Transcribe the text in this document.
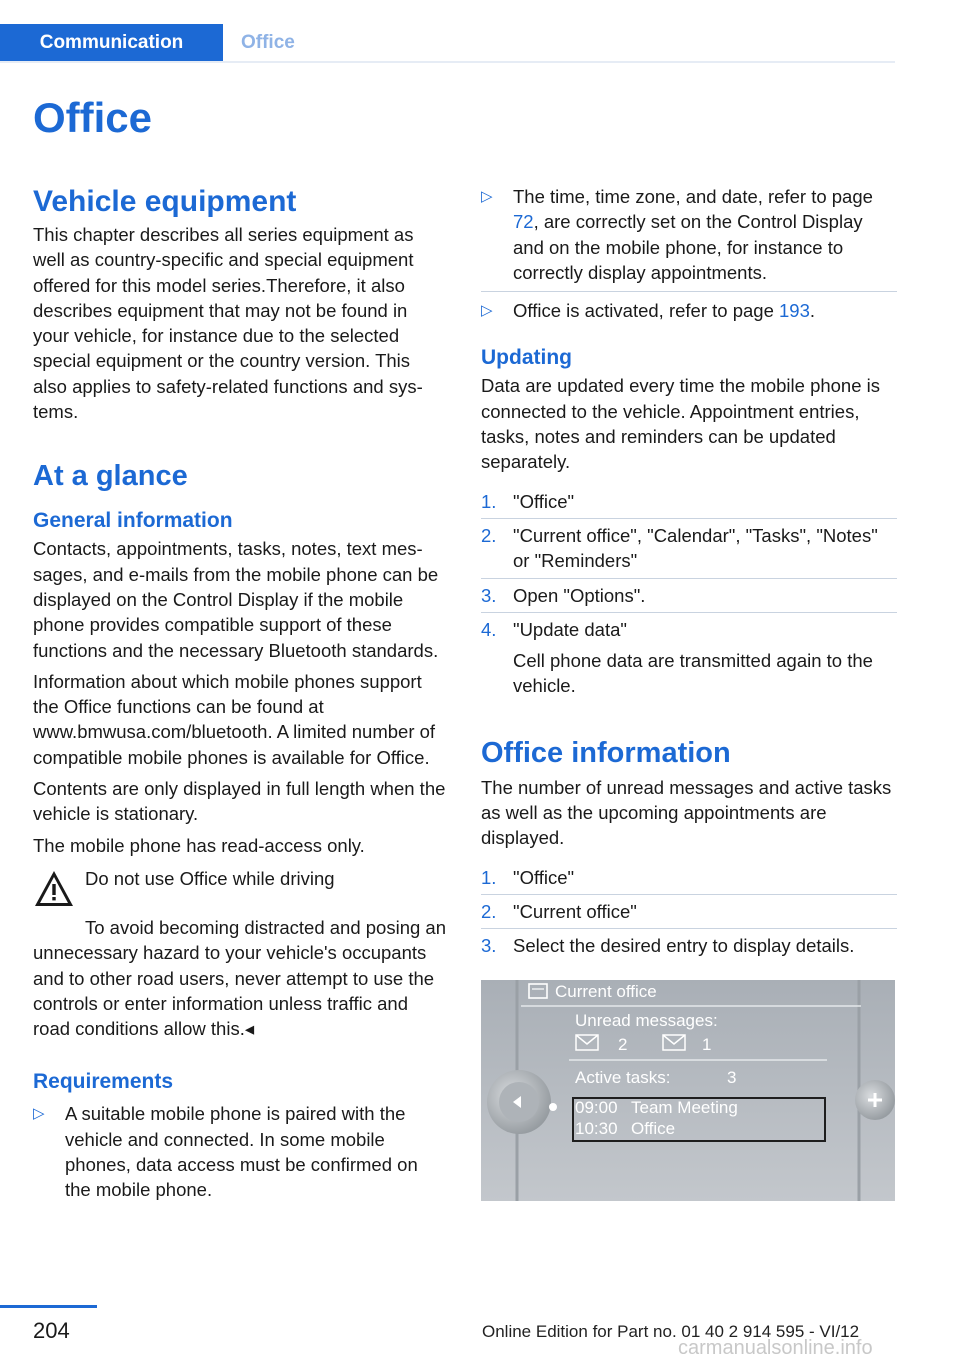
Communication	Office
Office
Vehicle equipment

This chapter describes all series equipment as well as country-specific and special equipment offered for this model series.Therefore, it also describes equipment that may not be found in your vehicle, for instance due to the selected special equipment or the country version. This also applies to safety-related functions and systems.

At a glance
General information

Contacts, appointments, tasks, notes, text messages, and e-mails from the mobile phone can be displayed on the Control Display if the mobile phone provides compatible support of these functions and the necessary Bluetooth standards.

Information about which mobile phones support the Office functions can be found at www.bmwusa.com/bluetooth. A limited number of compatible mobile phones is available for Office.

Contents are only displayed in full length when the vehicle is stationary.

The mobile phone has read-access only.

Do not use Office while driving

To avoid becoming distracted and posing an unnecessary hazard to your vehicle's occupants and to other road users, never attempt to use the controls or enter information unless traffic and road conditions allow this.◂

Requirements
▷ A suitable mobile phone is paired with the vehicle and connected. In some mobile phones, data access must be confirmed on the mobile phone.
▷ The time, time zone, and date, refer to page 72, are correctly set on the Control Display and on the mobile phone, for instance to correctly display appointments.
▷ Office is activated, refer to page 193.
Updating

Data are updated every time the mobile phone is connected to the vehicle. Appointment entries, tasks, notes and reminders can be updated separately.

1. "Office"
2. "Current office", "Calendar", "Tasks", "Notes" or "Reminders"
3. Open "Options".
4. "Update data"
Cell phone data are transmitted again to the vehicle.
Office information

The number of unread messages and active tasks as well as the upcoming appointments are displayed.

1. "Office"
2. "Current office"
3. Select the desired entry to display details.
Current office
Unread messages:
2	1
Active tasks:	3
09:00 Team Meeting
10:30 Office
204	Online Edition for Part no. 01 40 2 914 595 - VI/12
carmanualsonline.info
